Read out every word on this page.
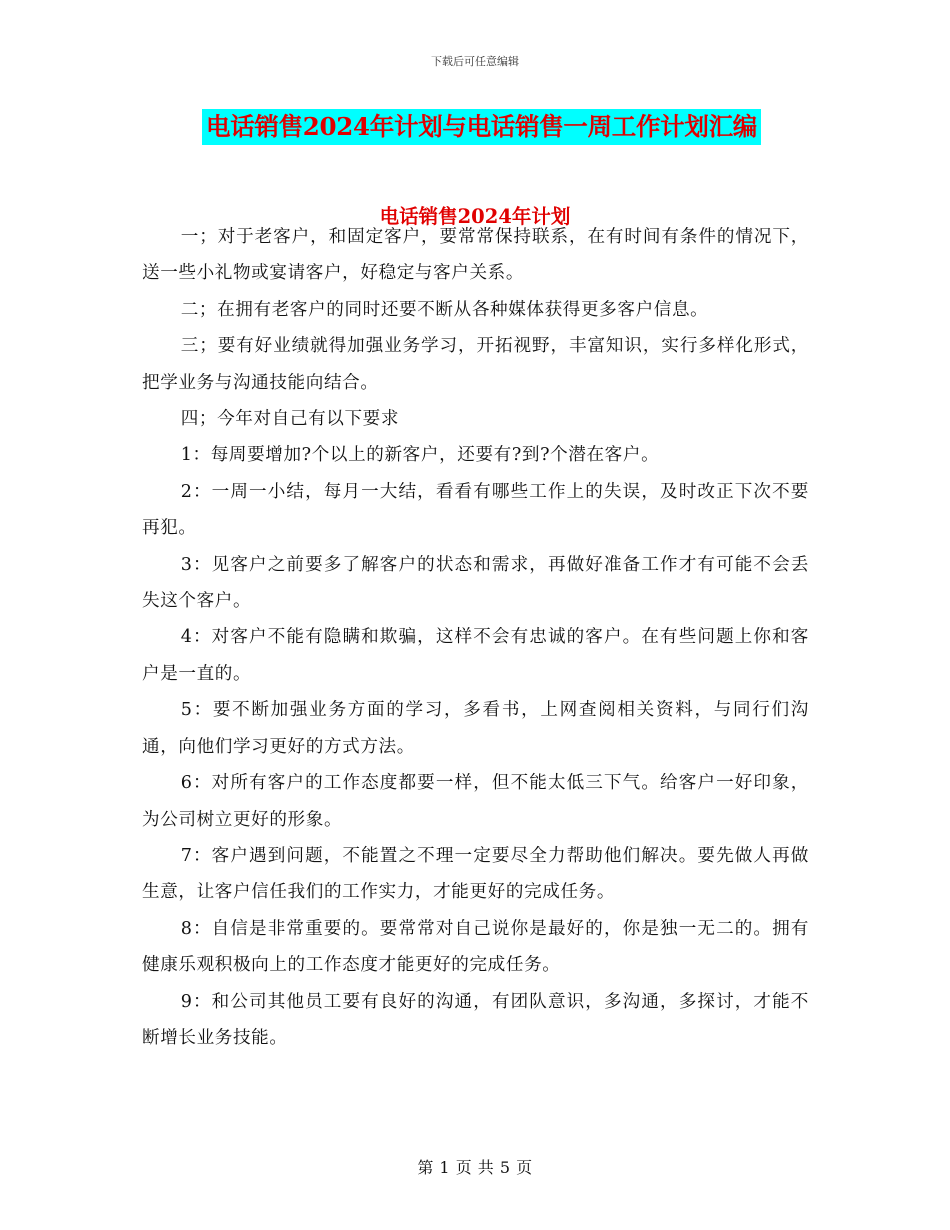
下载后可任意编辑
电话销售2024年计划与电话销售一周工作计划汇编
电话销售2024年计划

一；对于老客户，和固定客户，要常常保持联系，在有时间有条件的情况下，送一些小礼物或宴请客户，好稳定与客户关系。

二；在拥有老客户的同时还要不断从各种媒体获得更多客户信息。

三；要有好业绩就得加强业务学习，开拓视野，丰富知识，实行多样化形式，把学业务与沟通技能向结合。

四；今年对自己有以下要求

1：每周要增加?个以上的新客户，还要有?到?个潜在客户。

2：一周一小结，每月一大结，看看有哪些工作上的失误，及时改正下次不要再犯。

3：见客户之前要多了解客户的状态和需求，再做好准备工作才有可能不会丢失这个客户。

4：对客户不能有隐瞒和欺骗，这样不会有忠诚的客户。在有些问题上你和客户是一直的。

5：要不断加强业务方面的学习，多看书，上网查阅相关资料，与同行们沟通，向他们学习更好的方式方法。

6：对所有客户的工作态度都要一样，但不能太低三下气。给客户一好印象，为公司树立更好的形象。

7：客户遇到问题，不能置之不理一定要尽全力帮助他们解决。要先做人再做生意，让客户信任我们的工作实力，才能更好的完成任务。

8：自信是非常重要的。要常常对自己说你是最好的，你是独一无二的。拥有健康乐观积极向上的工作态度才能更好的完成任务。

9：和公司其他员工要有良好的沟通，有团队意识，多沟通，多探讨，才能不断增长业务技能。

第 1 页 共 5 页
